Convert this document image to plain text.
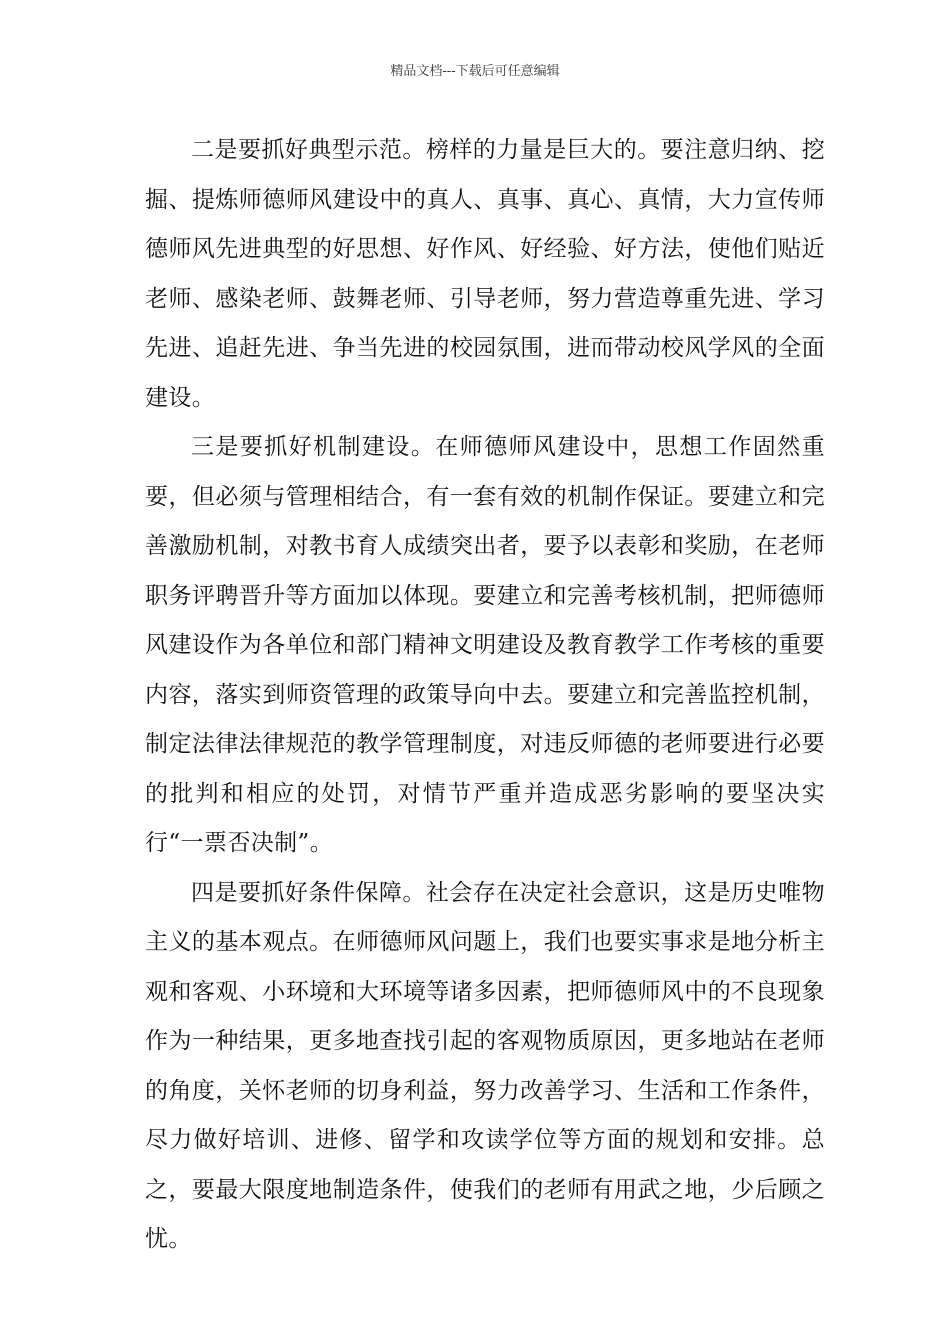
精品文档---下载后可任意编辑

二是要抓好典型示范。榜样的力量是巨大的。要注意归纳、挖掘、提炼师德师风建设中的真人、真事、真心、真情，大力宣传师德师风先进典型的好思想、好作风、好经验、好方法，使他们贴近老师、感染老师、鼓舞老师、引导老师，努力营造尊重先进、学习先进、追赶先进、争当先进的校园氛围，进而带动校风学风的全面建设。

三是要抓好机制建设。在师德师风建设中，思想工作固然重要，但必须与管理相结合，有一套有效的机制作保证。要建立和完善激励机制，对教书育人成绩突出者，要予以表彰和奖励，在老师职务评聘晋升等方面加以体现。要建立和完善考核机制，把师德师风建设作为各单位和部门精神文明建设及教育教学工作考核的重要内容，落实到师资管理的政策导向中去。要建立和完善监控机制，制定法律法律规范的教学管理制度，对违反师德的老师要进行必要的批判和相应的处罚，对情节严重并造成恶劣影响的要坚决实行“一票否决制”。

四是要抓好条件保障。社会存在决定社会意识，这是历史唯物主义的基本观点。在师德师风问题上，我们也要实事求是地分析主观和客观、小环境和大环境等诸多因素，把师德师风中的不良现象作为一种结果，更多地查找引起的客观物质原因，更多地站在老师的角度，关怀老师的切身利益，努力改善学习、生活和工作条件，尽力做好培训、进修、留学和攻读学位等方面的规划和安排。总之，要最大限度地制造条件，使我们的老师有用武之地，少后顾之忧。
